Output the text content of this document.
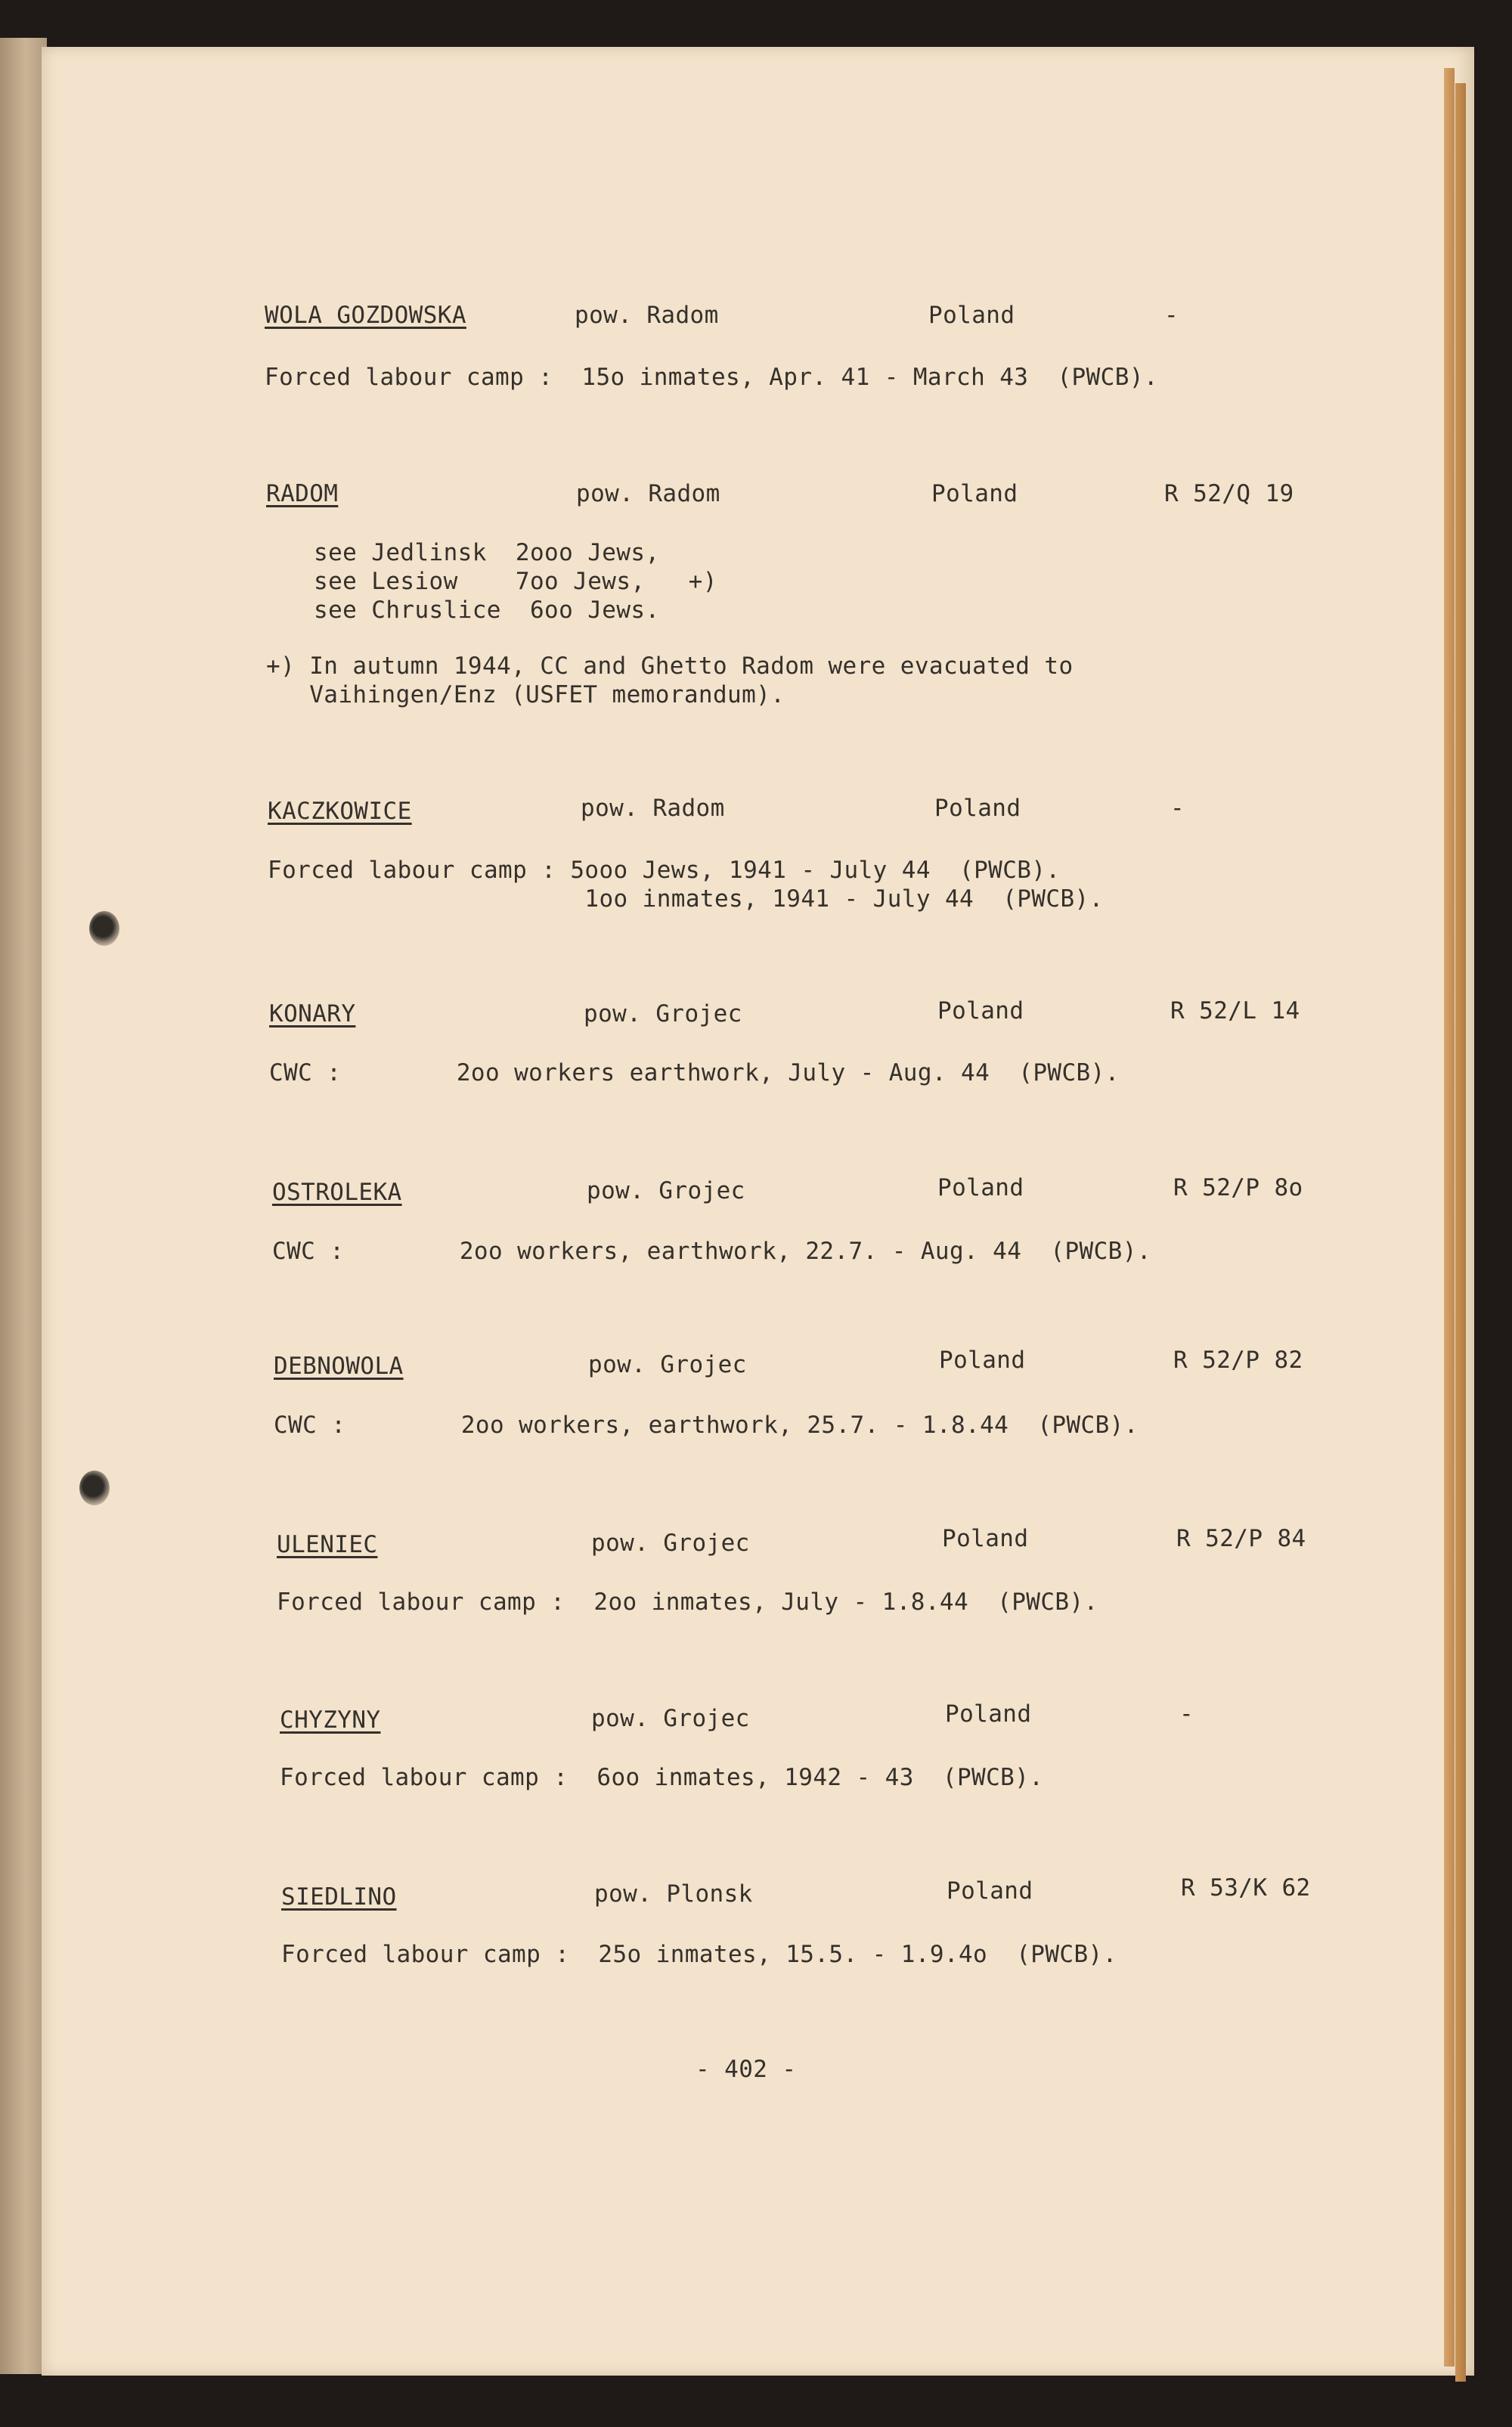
WOLA GOZDOWSKA	pow. Radom	Poland	-
Forced labour camp :  15o inmates, Apr. 41 - March 43  (PWCB).
RADOM	pow. Radom	Poland	R 52/Q 19
see Jedlinsk  2ooo Jews,
see Lesiow    7oo Jews,   +)
see Chruslice  6oo Jews.
+) In autumn 1944, CC and Ghetto Radom were evacuated to
Vaihingen/Enz (USFET memorandum).
KACZKOWICE	pow. Radom	Poland	-
Forced labour camp : 5ooo Jews, 1941 - July 44  (PWCB).
1oo inmates, 1941 - July 44  (PWCB).
KONARY	pow. Grojec	Poland	R 52/L 14
CWC :        2oo workers earthwork, July - Aug. 44  (PWCB).
OSTROLEKA	pow. Grojec	Poland	R 52/P 8o
CWC :        2oo workers, earthwork, 22.7. - Aug. 44  (PWCB).
DEBNOWOLA	pow. Grojec	Poland	R 52/P 82
CWC :        2oo workers, earthwork, 25.7. - 1.8.44  (PWCB).
ULENIEC	pow. Grojec	Poland	R 52/P 84
Forced labour camp :  2oo inmates, July - 1.8.44  (PWCB).
CHYZYNY	pow. Grojec	Poland	-
Forced labour camp :  6oo inmates, 1942 - 43  (PWCB).
SIEDLINO	pow. Plonsk	Poland	R 53/K 62
Forced labour camp :  25o inmates, 15.5. - 1.9.4o  (PWCB).
- 402 -
